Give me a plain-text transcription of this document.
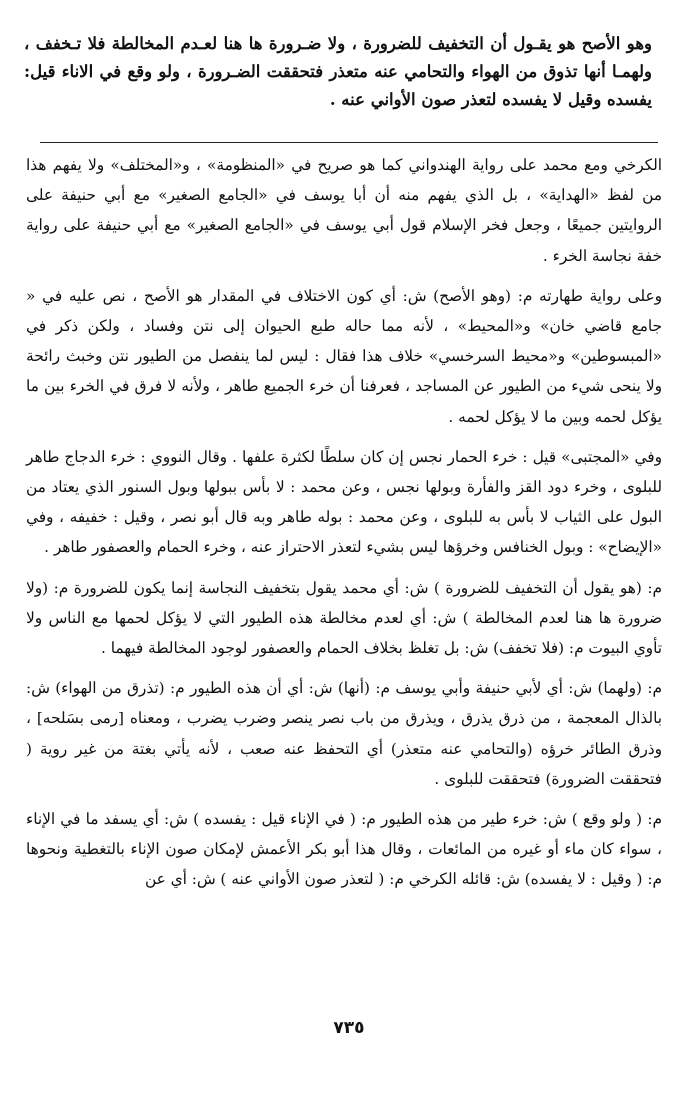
وهو الأصح هو يقـول أن التخفيف للضرورة ، ولا ضـرورة ها هنا لعـدم المخالطة فلا تـخفف ، ولهمـا أنها تذوق من الهواء والتحامي عنه متعذر فتحققت الضـرورة ، ولو وقع في الاناء قيل: يفسده وقيل لا يفسده لتعذر صون الأواني عنه .

الكرخي ومع محمد على رواية الهندواني كما هو صريح في «المنظومة» ، و«المختلف» ولا يفهم هذا من لفظ «الهداية» ، بل الذي يفهم منه أن أبا يوسف في «الجامع الصغير» مع أبي حنيفة على الروايتين جميعًا ، وجعل فخر الإسلام قول أبي يوسف في «الجامع الصغير» مع أبي حنيفة على رواية خفة نجاسة الخرء .

وعلى رواية طهارته م: (وهو الأصح) ش: أي كون الاختلاف في المقدار هو الأصح ، نص عليه في « جامع قاضي خان» و«المحيط» ، لأنه مما حاله طبع الحيوان إلى نتن وفساد ، ولكن ذكر في «المبسوطين» و«محيط السرخسي» خلاف هذا فقال : ليس لما ينفصل من الطيور نتن وخبث رائحة ولا ينحى شيء من الطيور عن المساجد ، فعرفنا أن خرء الجميع طاهر ، ولأنه لا فرق في الخرء بين ما يؤكل لحمه وبين ما لا يؤكل لحمه .

وفي «المجتبى» قيل : خرء الحمار نجس إن كان سلطًا لكثرة علفها . وقال النووي : خرء الدجاج طاهر للبلوى ، وخرء دود القز والفأرة وبولها نجس ، وعن محمد : لا بأس ببولها وبول السنور الذي يعتاد من البول على الثياب لا بأس به للبلوى ، وعن محمد : بوله طاهر وبه قال أبو نصر ، وقيل : خفيفه ، وفي «الإيضاح» : وبول الخنافس وخرؤها ليس بشيء لتعذر الاحتراز عنه ، وخرء الحمام والعصفور طاهر .

م: (هو يقول أن التخفيف للضرورة ) ش: أي محمد يقول بتخفيف النجاسة إنما يكون للضرورة م: (ولا ضرورة ها هنا لعدم المخالطة ) ش: أي لعدم مخالطة هذه الطيور التي لا يؤكل لحمها مع الناس ولا تأوي البيوت م: (فلا تخفف) ش: بل تغلظ بخلاف الحمام والعصفور لوجود المخالطة فيهما .

م: (ولهما) ش: أي لأبي حنيفة وأبي يوسف م: (أنها) ش: أي أن هذه الطيور م: (تذرق من الهواء) ش: بالذال المعجمة ، من ذرق يذرق ، ويذرق من باب نصر ينصر وضرب يضرب ، ومعناه [رمى بسَلحه] ، وذرق الطائر خرؤه (والتحامي عنه متعذر) أي التحفظ عنه صعب ، لأنه يأتي بغتة من غير روية ( فتحققت الضرورة) فتحققت للبلوى .

م: ( ولو وقع ) ش: خرء طير من هذه الطيور م: ( في الإناء قيل : يفسده ) ش: أي يسفد ما في الإناء ، سواء كان ماء أو غيره من المائعات ، وقال هذا أبو بكر الأعمش لإمكان صون الإناء بالتغطية ونحوها م: ( وقيل : لا يفسده) ش: قائله الكرخي م: ( لتعذر صون الأواني عنه ) ش: أي عن

٧٣٥
